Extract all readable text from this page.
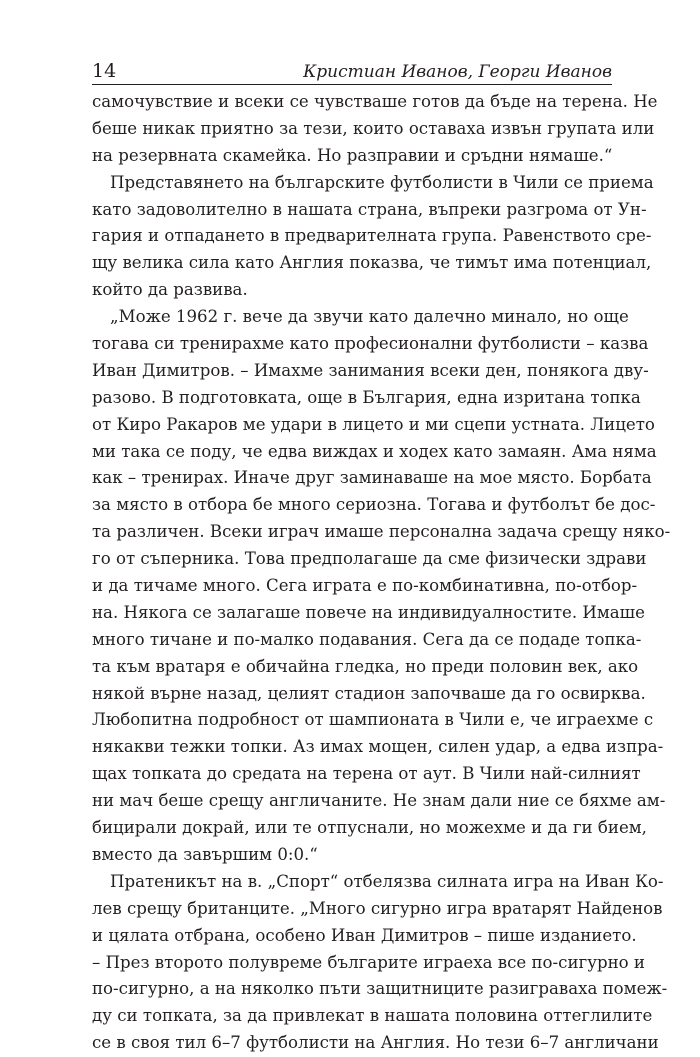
14	Кристиан Иванов, Георги Иванов
самочувствие и всеки се чувстваше готов да бъде на терена. Не
беше никак приятно за тези, които оставаха извън групата или
на резервната скамейка. Но разправии и сръдни нямаше.“
Представянето на българските футболисти в Чили се приема
като задоволително в нашата страна, въпреки разгрома от Ун-
гария и отпадането в предварителната група. Равенството сре-
щу велика сила като Англия показва, че тимът има потенциал,
който да развива.
„Може 1962 г. вече да звучи като далечно минало, но още
тогава си тренирахме като професионални футболисти – казва
Иван Димитров. – Имахме занимания всеки ден, понякога дву-
разово. В подготовката, още в България, една изритана топка
от Киро Ракаров ме удари в лицето и ми сцепи устната. Лицето
ми така се поду, че едва виждах и ходех като замаян. Ама няма
как – тренирах. Иначе друг заминаваше на мое място. Борбата
за място в отбора бе много сериозна. Тогава и футболът бе дос-
та различен. Всеки играч имаше персонална задача срещу няко-
го от съперника. Това предполагаше да сме физически здрави
и да тичаме много. Сега играта е по-комбинативна, по-отбор-
на. Някога се залагаше повече на индивидуалностите. Имаше
много тичане и по-малко подавания. Сега да се подаде топка-
та към вратаря е обичайна гледка, но преди половин век, ако
някой върне назад, целият стадион започваше да го освирква.
Любопитна подробност от шампионата в Чили е, че играехме с
някакви тежки топки. Аз имах мощен, силен удар, а едва изпра-
щах топката до средата на терена от аут. В Чили най-силният
ни мач беше срещу англичаните. Не знам дали ние се бяхме ам-
бицирали докрай, или те отпуснали, но можехме и да ги бием,
вместо да завършим 0:0.“
Пратеникът на в. „Спорт“ отбелязва силната игра на Иван Ко-
лев срещу британците. „Много сигурно игра вратарят Найденов
и цялата отбрана, особено Иван Димитров – пише изданието.
– През второто полувреме българите играеха все по-сигурно и
по-сигурно, а на няколко пъти защитниците разиграваха помеж-
ду си топката, за да привлекат в нашата половина оттеглилите
се в своя тил 6–7 футболисти на Англия. Но тези 6–7 англичани
